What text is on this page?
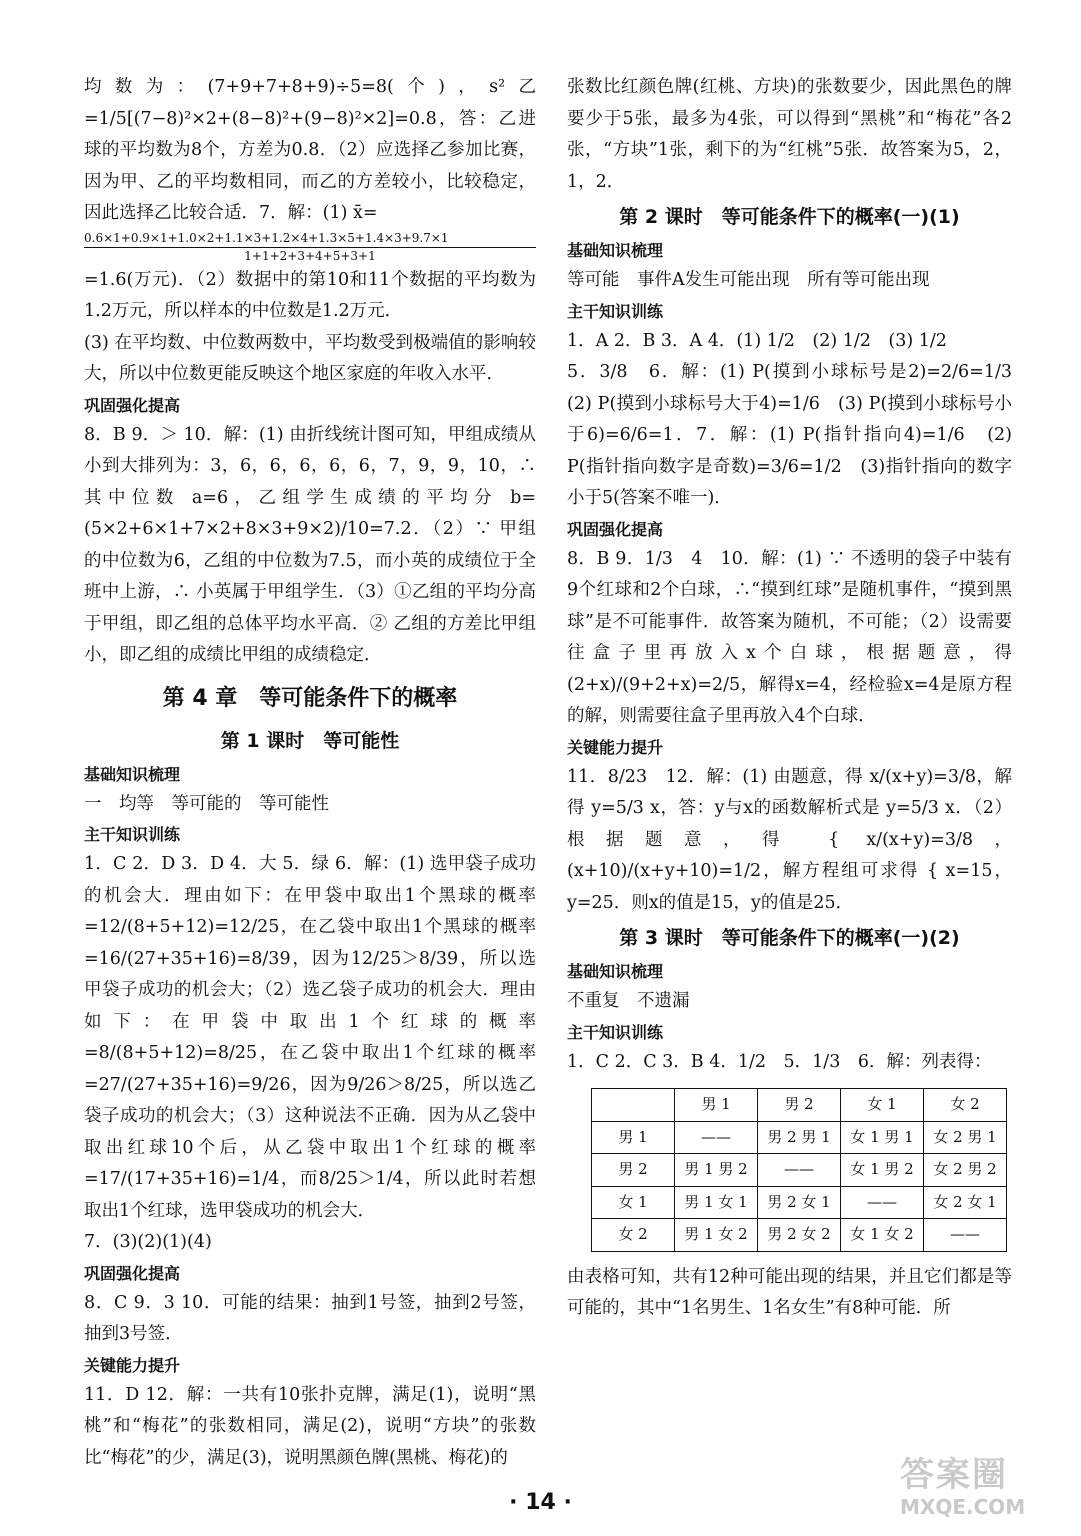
均数为：(7+9+7+8+9)÷5=8(个)，s²乙=1/5[(7−8)²×2+(8−8)²+(9−8)²×2]=0.8，答：乙进球的平均数为8个，方差为0.8．（2）应选择乙参加比赛，因为甲、乙的平均数相同，而乙的方差较小，比较稳定，因此选择乙比较合适．7．解：(1) x̄=

0.6×1+0.9×1+1.0×2+1.1×3+1.2×4+1.3×5+1.4×3+9.7×1
1+1+2+3+4+5+3+1

=1.6(万元)．（2）数据中的第10和11个数据的平均数为1.2万元，所以样本的中位数是1.2万元．

(3) 在平均数、中位数两数中，平均数受到极端值的影响较大，所以中位数更能反映这个地区家庭的年收入水平．

巩固强化提高

8．B 9．＞ 10．解：(1) 由折线统计图可知，甲组成绩从小到大排列为：3，6，6，6，6，6，7，9，9，10，∴ 其中位数 a=6，乙组学生成绩的平均分 b=(5×2+6×1+7×2+8×3+9×2)/10=7.2．（2）∵ 甲组的中位数为6，乙组的中位数为7.5，而小英的成绩位于全班中上游，∴ 小英属于甲组学生．（3）①乙组的平均分高于甲组，即乙组的总体平均水平高．② 乙组的方差比甲组小，即乙组的成绩比甲组的成绩稳定．

第 4 章　等可能条件下的概率
第 1 课时　等可能性
基础知识梳理

一　均等　等可能的　等可能性

主干知识训练

1．C 2．D 3．D 4．大 5．绿 6．解：(1) 选甲袋子成功的机会大．理由如下：在甲袋中取出1个黑球的概率=12/(8+5+12)=12/25，在乙袋中取出1个黑球的概率=16/(27+35+16)=8/39，因为12/25＞8/39，所以选甲袋子成功的机会大；（2）选乙袋子成功的机会大．理由如下：在甲袋中取出1个红球的概率=8/(8+5+12)=8/25，在乙袋中取出1个红球的概率=27/(27+35+16)=9/26，因为9/26＞8/25，所以选乙袋子成功的机会大；（3）这种说法不正确．因为从乙袋中取出红球10个后，从乙袋中取出1个红球的概率=17/(17+35+16)=1/4，而8/25＞1/4，所以此时若想取出1个红球，选甲袋成功的机会大．

7．(3)(2)(1)(4)

巩固强化提高

8．C 9．3 10．可能的结果：抽到1号签，抽到2号签，抽到3号签．

关键能力提升

11．D 12．解：一共有10张扑克牌，满足(1)，说明“黑桃”和“梅花”的张数相同，满足(2)，说明“方块”的张数比“梅花”的少，满足(3)，说明黑颜色牌(黑桃、梅花)的

张数比红颜色牌(红桃、方块)的张数要少，因此黑色的牌要少于5张，最多为4张，可以得到“黑桃”和“梅花”各2张，“方块”1张，剩下的为“红桃”5张．故答案为5，2，1，2．

第 2 课时　等可能条件下的概率(一)(1)
基础知识梳理

等可能　事件A发生可能出现　所有等可能出现

主干知识训练

1．A 2．B 3．A 4．(1) 1/2　(2) 1/2　(3) 1/2

5．3/8　6．解：(1) P(摸到小球标号是2)=2/6=1/3　(2) P(摸到小球标号大于4)=1/6　(3) P(摸到小球标号小于6)=6/6=1．7．解：(1) P(指针指向4)=1/6　(2) P(指针指向数字是奇数)=3/6=1/2　(3)指针指向的数字小于5(答案不唯一)．

巩固强化提高

8．B 9．1/3　4　10．解：(1) ∵ 不透明的袋子中装有9个红球和2个白球，∴“摸到红球”是随机事件，“摸到黑球”是不可能事件．故答案为随机，不可能；（2）设需要往盒子里再放入x个白球，根据题意，得(2+x)/(9+2+x)=2/5，解得x=4，经检验x=4是原方程的解，则需要往盒子里再放入4个白球．

关键能力提升

11．8/23　12．解：(1) 由题意，得 x/(x+y)=3/8，解得 y=5/3 x，答：y与x的函数解析式是 y=5/3 x．（2）根据题意，得 { x/(x+y)=3/8，(x+10)/(x+y+10)=1/2，解方程组可求得 { x=15，y=25．则x的值是15，y的值是25．

第 3 课时　等可能条件下的概率(一)(2)
基础知识梳理

不重复　不遗漏

主干知识训练

1．C 2．C 3．B 4．1/2　5．1/3　6．解：列表得：

	男 1	男 2	女 1	女 2
男 1	——	男 2 男 1	女 1 男 1	女 2 男 1
男 2	男 1 男 2	——	女 1 男 2	女 2 男 2
女 1	男 1 女 1	男 2 女 1	——	女 2 女 1
女 2	男 1 女 2	男 2 女 2	女 1 女 2	——

由表格可知，共有12种可能出现的结果，并且它们都是等可能的，其中“1名男生、1名女生”有8种可能．所

· 14 ·
答案圈
MXQE.COM
